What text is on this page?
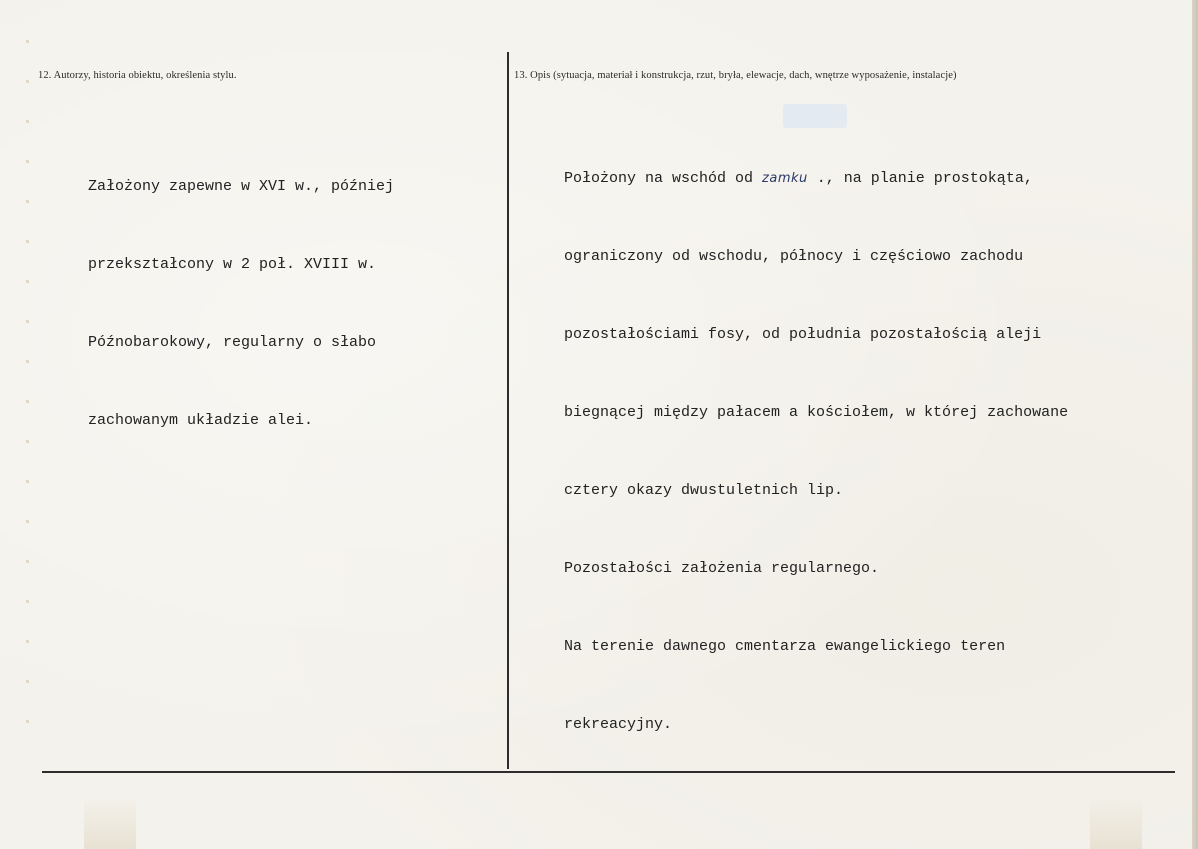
12. Autorzy, historia obiektu, określenia stylu.	13. Opis (sytuacja, materiał i konstrukcja, rzut, bryła, elewacje, dach, wnętrze wyposażenie, instalacje)

Założony zapewne w XVI w., później

przekształcony w 2 poł. XVIII w.

Późnobarokowy, regularny o słabo

zachowanym układzie alei.

Położony na wschód od zamku ., na planie prostokąta,

ograniczony od wschodu, północy i częściowo zachodu

pozostałościami fosy, od południa pozostałością aleji

biegnącej między pałacem a kościołem, w której zachowane

cztery okazy dwustuletnich lip.

Pozostałości założenia regularnego.

Na terenie dawnego cmentarza ewangelickiego teren

rekreacyjny.
